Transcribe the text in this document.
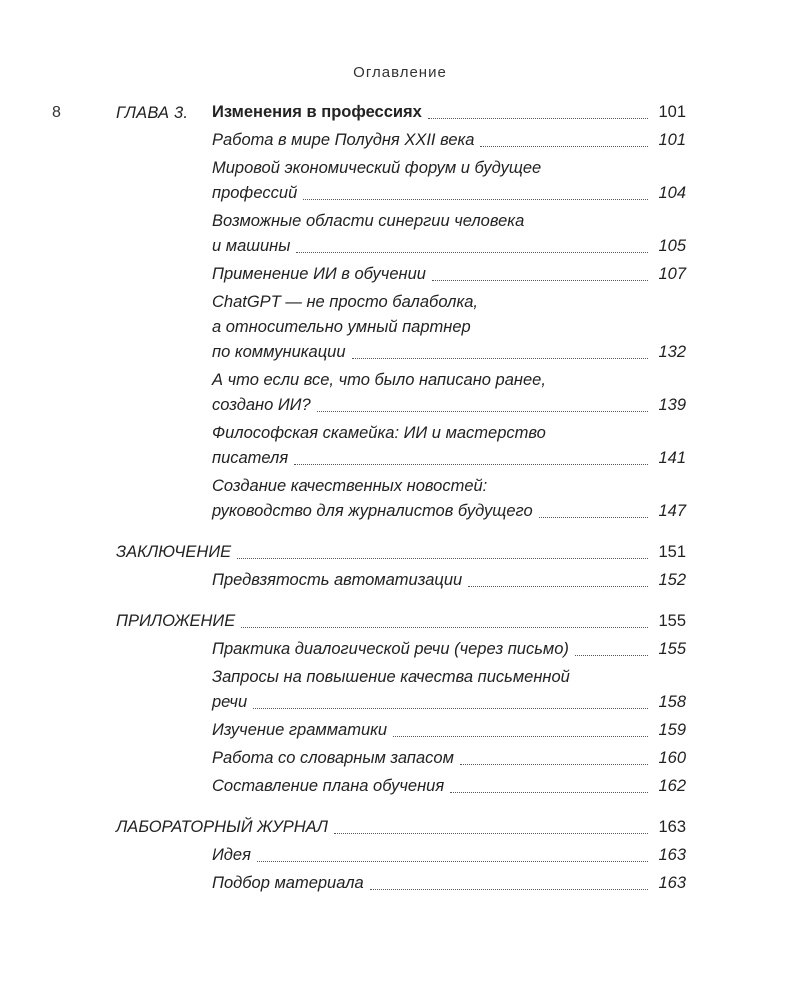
Оглавление
8	ГЛАВА 3. Изменения в профессиях	101
Работа в мире Полудня XXII века	101
Мировой экономический форум и будущее
профессий	104
Возможные области синергии человека
и машины	105
Применение ИИ в обучении	107
ChatGPT — не просто балаболка,
а относительно умный партнер
по коммуникации	132
А что если все, что было написано ранее,
создано ИИ?	139
Философская скамейка: ИИ и мастерство
писателя	141
Создание качественных новостей:
руководство для журналистов будущего	147
ЗАКЛЮЧЕНИЕ	151
Предвзятость автоматизации	152
ПРИЛОЖЕНИЕ	155
Практика диалогической речи (через письмо)	155
Запросы на повышение качества письменной
речи	158
Изучение грамматики	159
Работа со словарным запасом	160
Составление плана обучения	162
ЛАБОРАТОРНЫЙ ЖУРНАЛ	163
Идея	163
Подбор материала	163
